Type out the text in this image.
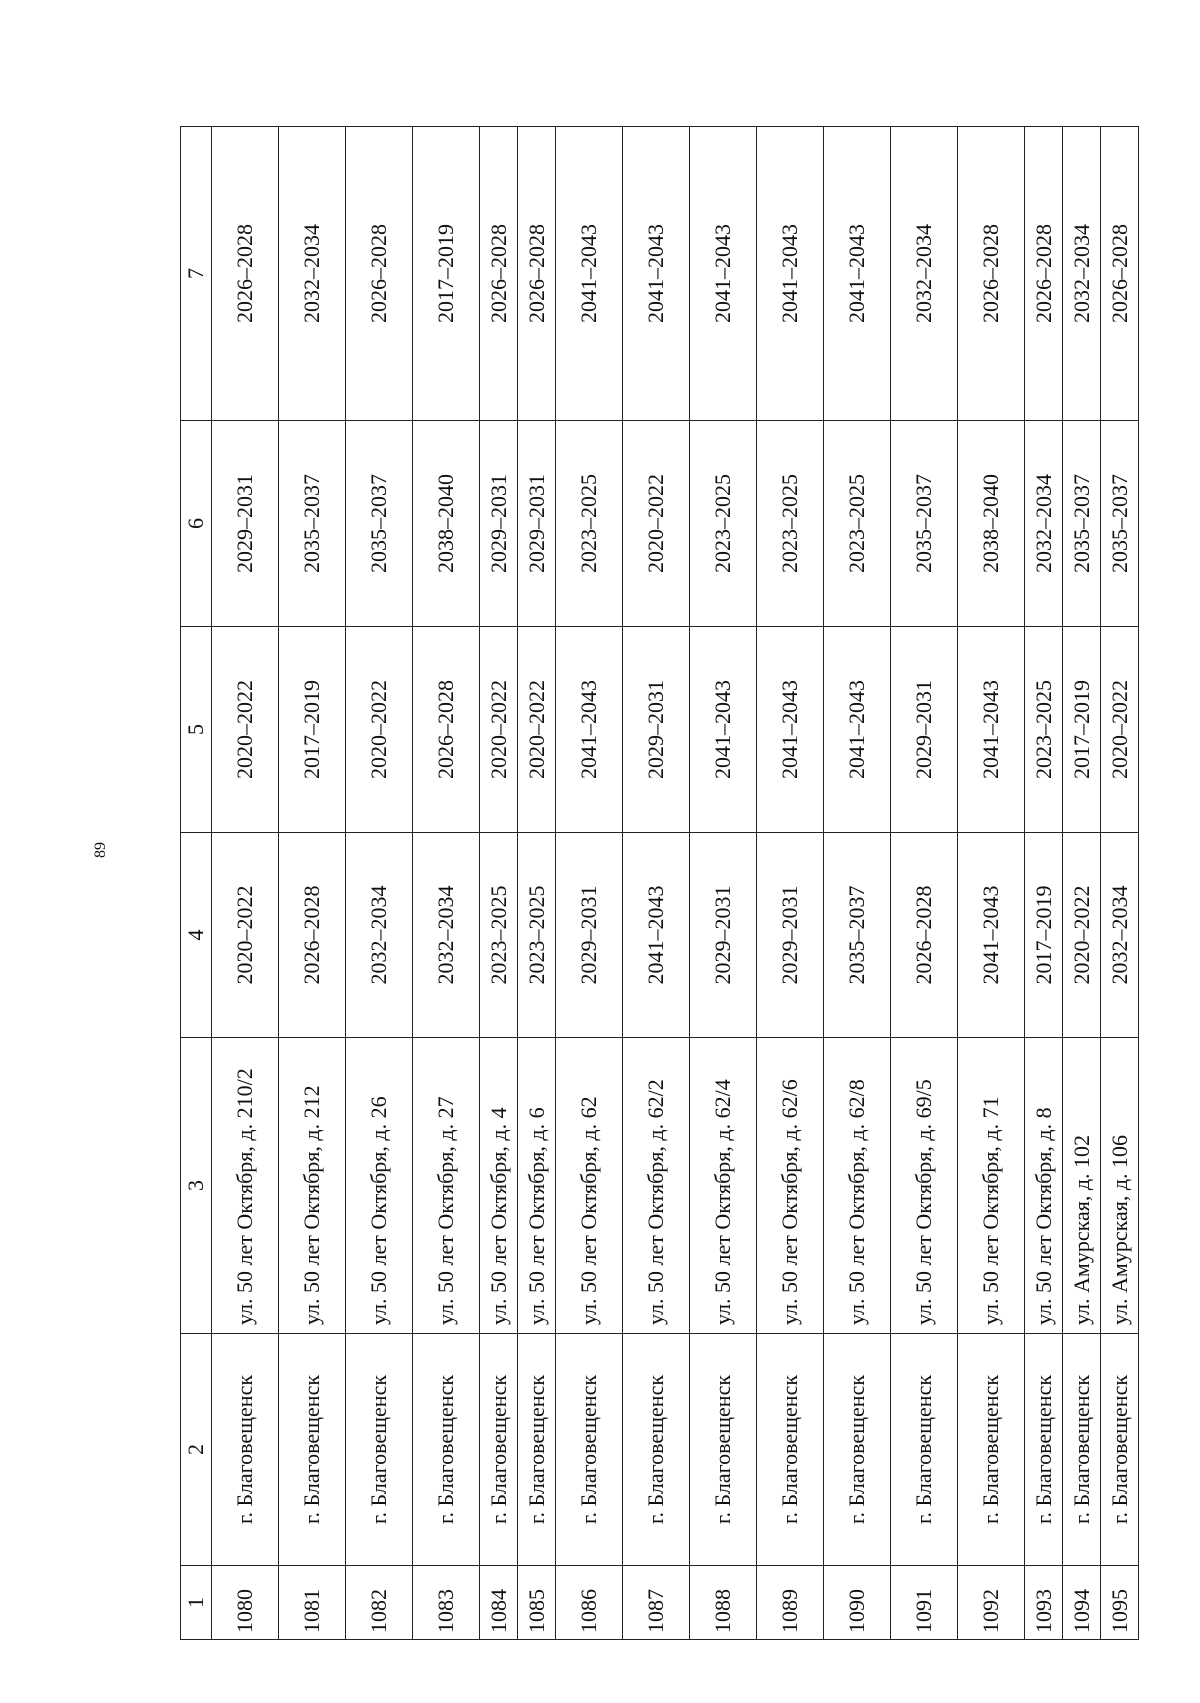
89
1	2	3	4	5	6	7
1080	г. Благовещенск	ул. 50 лет Октября, д. 210/2	2020–2022	2020–2022	2029–2031	2026–2028
1081	г. Благовещенск	ул. 50 лет Октября, д. 212	2026–2028	2017–2019	2035–2037	2032–2034
1082	г. Благовещенск	ул. 50 лет Октября, д. 26	2032–2034	2020–2022	2035–2037	2026–2028
1083	г. Благовещенск	ул. 50 лет Октября, д. 27	2032–2034	2026–2028	2038–2040	2017–2019
1084	г. Благовещенск	ул. 50 лет Октября, д. 4	2023–2025	2020–2022	2029–2031	2026–2028
1085	г. Благовещенск	ул. 50 лет Октября, д. 6	2023–2025	2020–2022	2029–2031	2026–2028
1086	г. Благовещенск	ул. 50 лет Октября, д. 62	2029–2031	2041–2043	2023–2025	2041–2043
1087	г. Благовещенск	ул. 50 лет Октября, д. 62/2	2041–2043	2029–2031	2020–2022	2041–2043
1088	г. Благовещенск	ул. 50 лет Октября, д. 62/4	2029–2031	2041–2043	2023–2025	2041–2043
1089	г. Благовещенск	ул. 50 лет Октября, д. 62/6	2029–2031	2041–2043	2023–2025	2041–2043
1090	г. Благовещенск	ул. 50 лет Октября, д. 62/8	2035–2037	2041–2043	2023–2025	2041–2043
1091	г. Благовещенск	ул. 50 лет Октября, д. 69/5	2026–2028	2029–2031	2035–2037	2032–2034
1092	г. Благовещенск	ул. 50 лет Октября, д. 71	2041–2043	2041–2043	2038–2040	2026–2028
1093	г. Благовещенск	ул. 50 лет Октября, д. 8	2017–2019	2023–2025	2032–2034	2026–2028
1094	г. Благовещенск	ул. Амурская, д. 102	2020–2022	2017–2019	2035–2037	2032–2034
1095	г. Благовещенск	ул. Амурская, д. 106	2032–2034	2020–2022	2035–2037	2026–2028
